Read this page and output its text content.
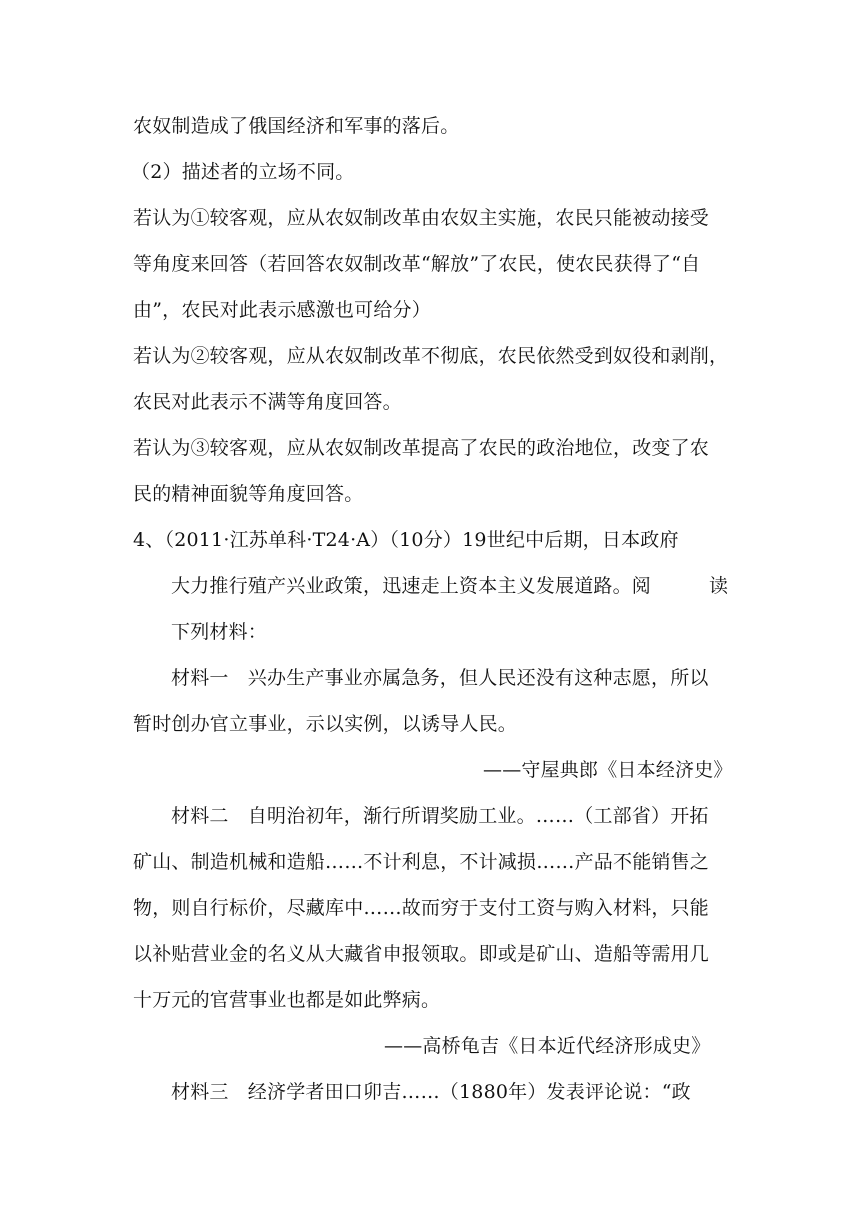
农奴制造成了俄国经济和军事的落后。
（2）描述者的立场不同。
若认为①较客观，应从农奴制改革由农奴主实施，农民只能被动接受
等角度来回答（若回答农奴制改革“解放”了农民，使农民获得了“自
由”，农民对此表示感激也可给分）
若认为②较客观，应从农奴制改革不彻底，农民依然受到奴役和剥削，
农民对此表示不满等角度回答。
若认为③较客观，应从农奴制改革提高了农民的政治地位，改变了农
民的精神面貌等角度回答。
4、（2011·江苏单科·T24·A）（10分）19世纪中后期，日本政府
大力推行殖产兴业政策，迅速走上资本主义发展道路。阅	读
下列材料：
材料一　兴办生产事业亦属急务，但人民还没有这种志愿，所以
暂时创办官立事业，示以实例，以诱导人民。
——守屋典郎《日本经济史》
材料二　自明治初年，渐行所谓奖励工业。……（工部省）开拓
矿山、制造机械和造船……不计利息，不计减损……产品不能销售之
物，则自行标价，尽藏库中……故而穷于支付工资与购入材料，只能
以补贴营业金的名义从大藏省申报领取。即或是矿山、造船等需用几
十万元的官营事业也都是如此弊病。
——高桥龟吉《日本近代经济形成史》
材料三　经济学者田口卯吉……（1880年）发表评论说：“政
